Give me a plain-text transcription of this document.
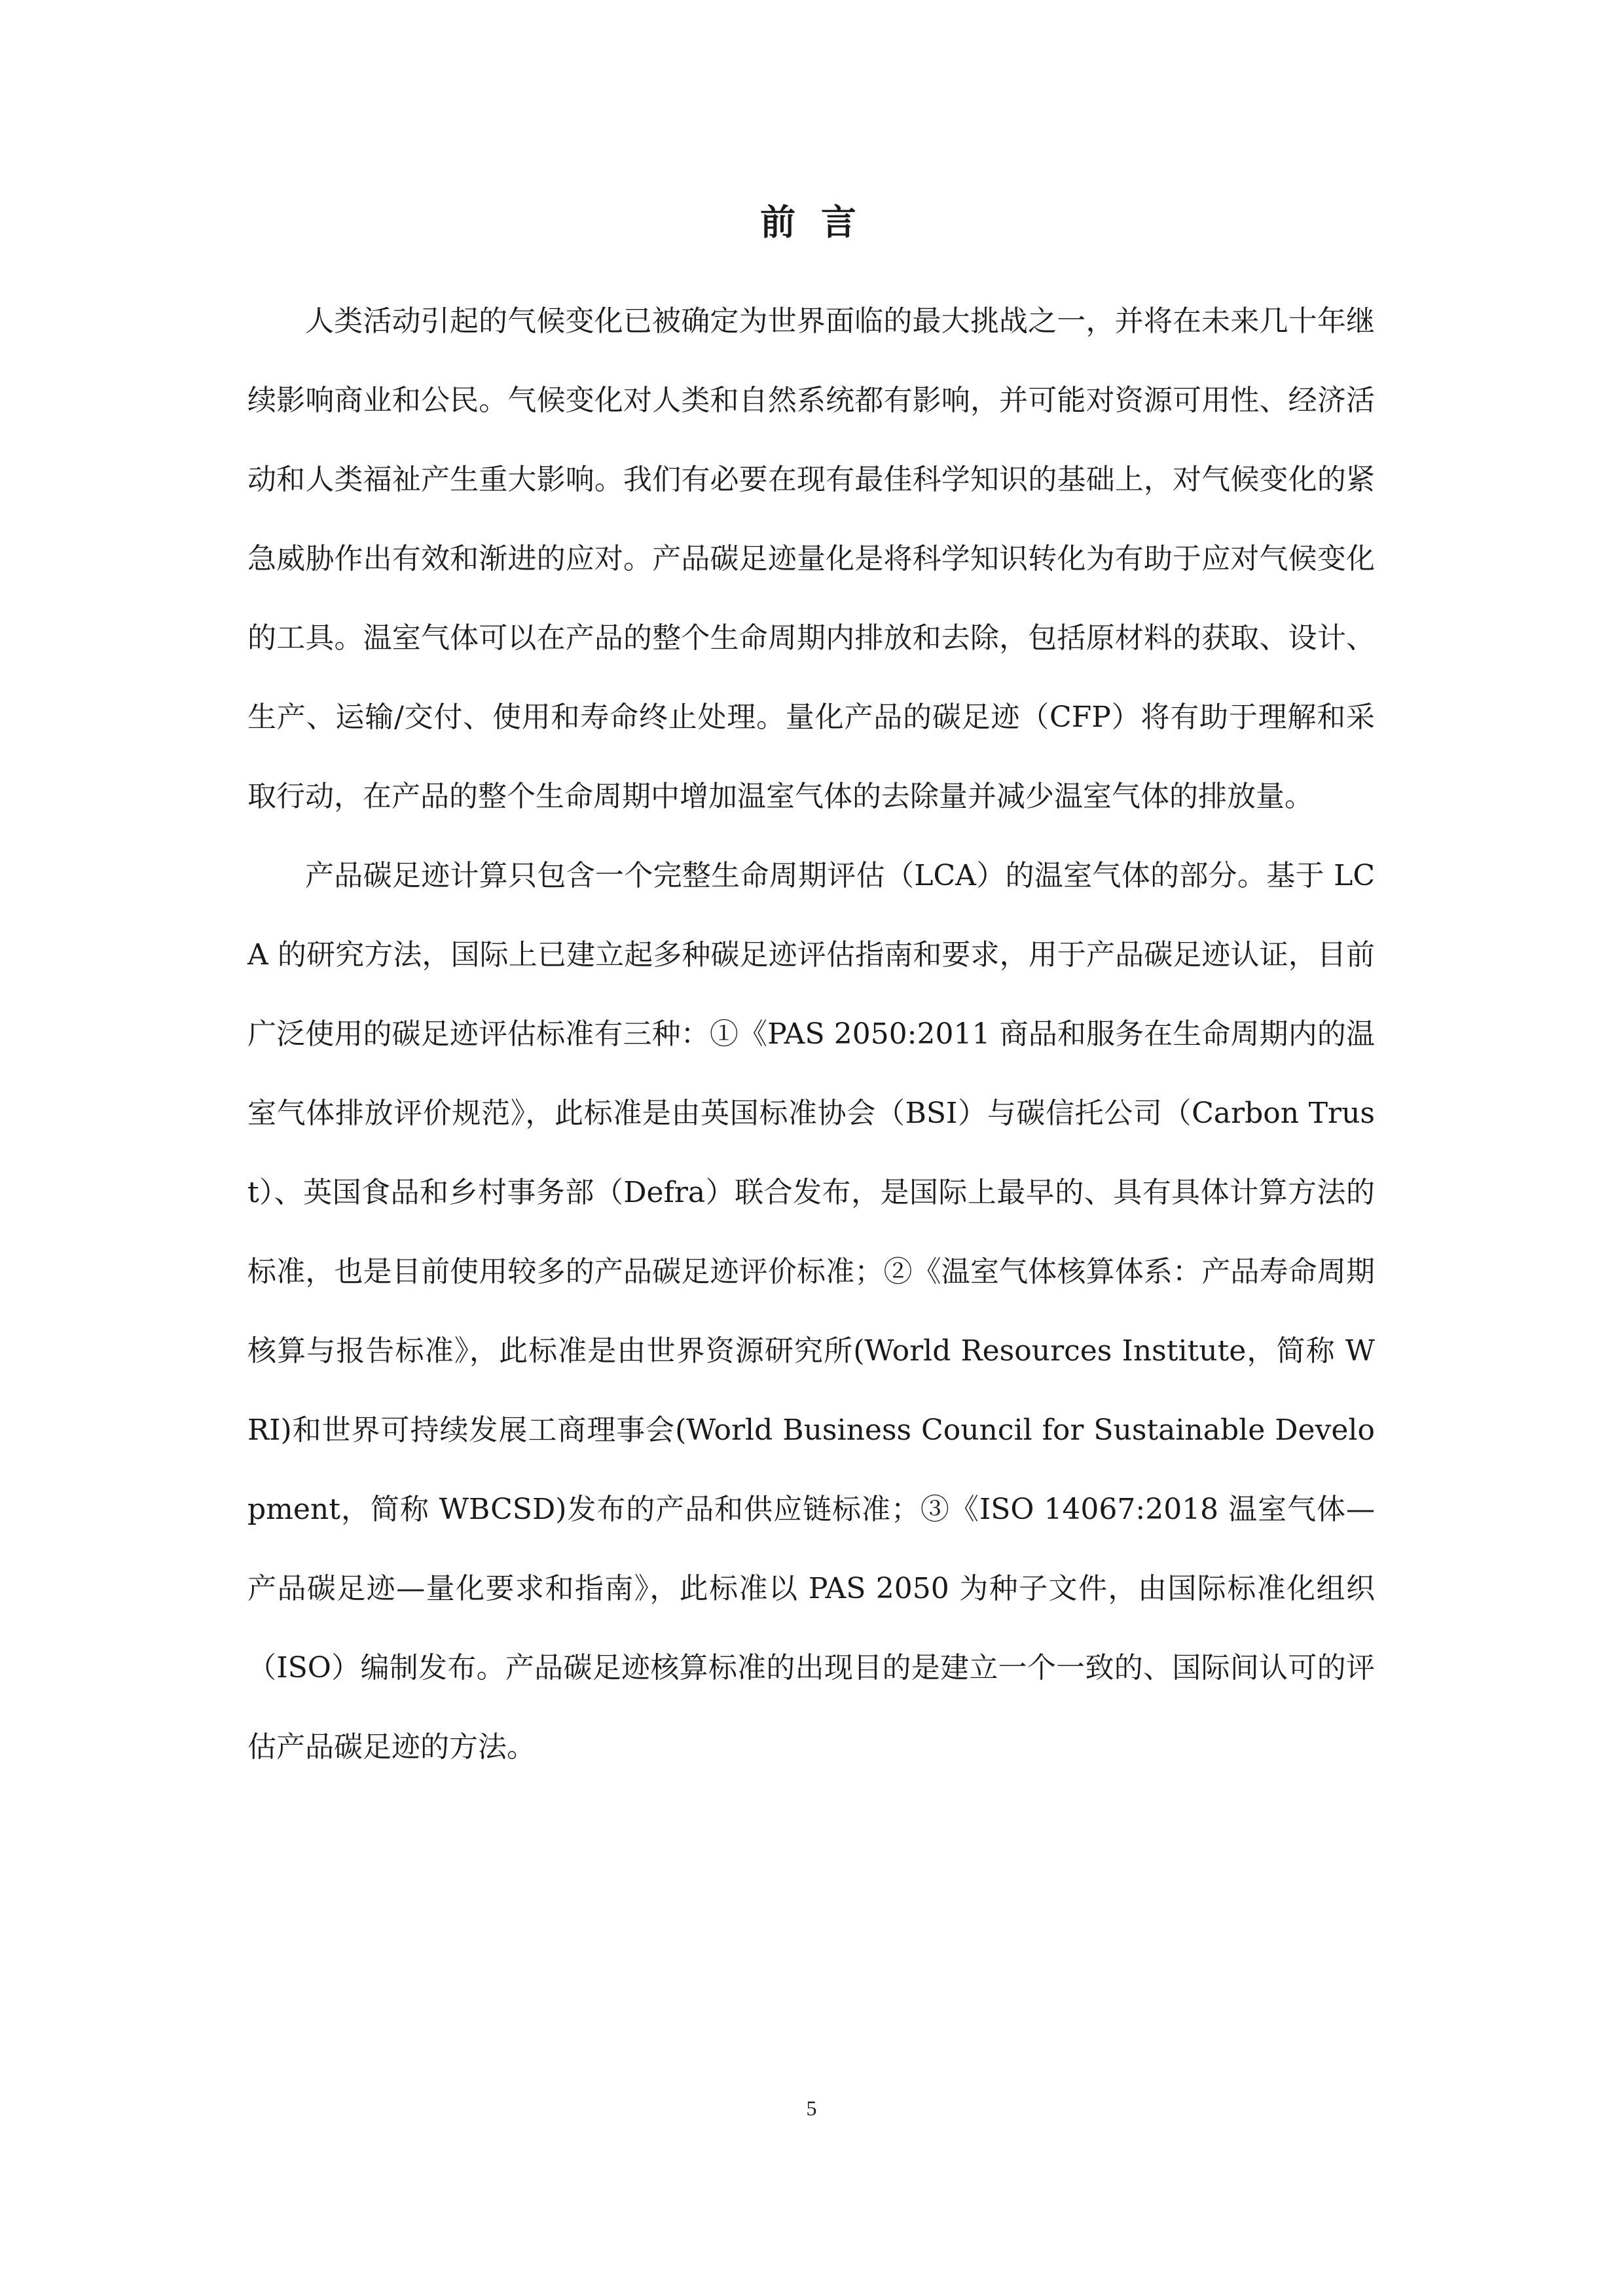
前 言

人类活动引起的气候变化已被确定为世界面临的最大挑战之一，并将在未来几十年继续影响商业和公民。气候变化对人类和自然系统都有影响，并可能对资源可用性、经济活动和人类福祉产生重大影响。我们有必要在现有最佳科学知识的基础上，对气候变化的紧急威胁作出有效和渐进的应对。产品碳足迹量化是将科学知识转化为有助于应对气候变化的工具。温室气体可以在产品的整个生命周期内排放和去除，包括原材料的获取、设计、生产、运输/交付、使用和寿命终止处理。量化产品的碳足迹（CFP）将有助于理解和采取行动，在产品的整个生命周期中增加温室气体的去除量并减少温室气体的排放量。

产品碳足迹计算只包含一个完整生命周期评估（LCA）的温室气体的部分。基于 LCA 的研究方法，国际上已建立起多种碳足迹评估指南和要求，用于产品碳足迹认证，目前广泛使用的碳足迹评估标准有三种：①《PAS 2050:2011 商品和服务在生命周期内的温室气体排放评价规范》，此标准是由英国标准协会（BSI）与碳信托公司（Carbon Trust）、英国食品和乡村事务部（Defra）联合发布，是国际上最早的、具有具体计算方法的标准，也是目前使用较多的产品碳足迹评价标准；②《温室气体核算体系：产品寿命周期核算与报告标准》，此标准是由世界资源研究所(World Resources Institute，简称 WRI)和世界可持续发展工商理事会(World Business Council for Sustainable Development，简称 WBCSD)发布的产品和供应链标准；③《ISO 14067:2018 温室气体—产品碳足迹—量化要求和指南》，此标准以 PAS 2050 为种子文件，由国际标准化组织（ISO）编制发布。产品碳足迹核算标准的出现目的是建立一个一致的、国际间认可的评估产品碳足迹的方法。

5
